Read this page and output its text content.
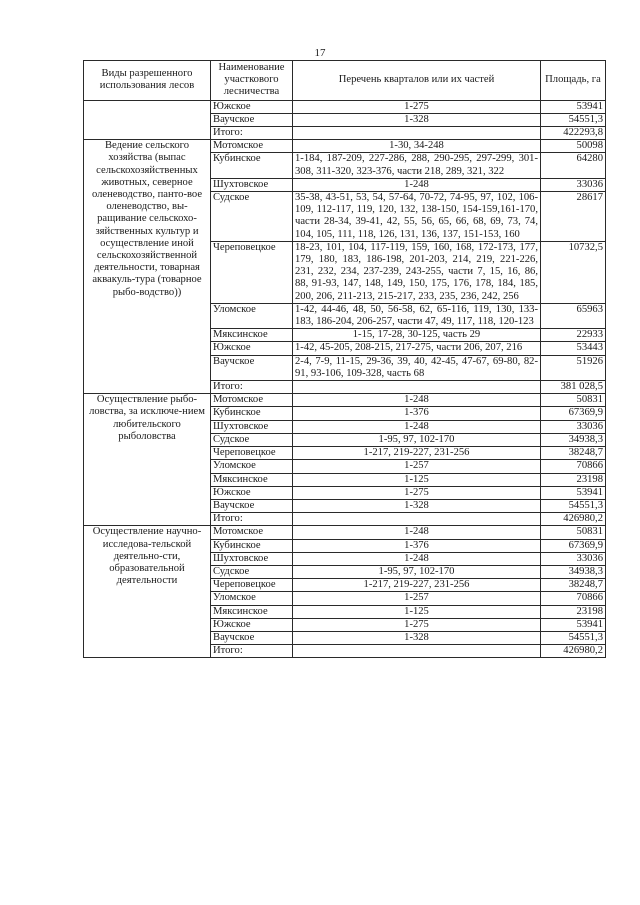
17
Виды разрешенного использования лесов	Наименование участкового лесничества	Перечень кварталов или их частей	Площадь, га
	Южское	1-275	53941
	Ваучское	1-328	54551,3
	Итого:		422293,8
Ведение сельского хозяйства (выпас сельскохозяйственных животных, северное оленеводство, панто-вое оленеводство, вы-ращивание сельскохо-зяйственных культур и осуществление иной сельскохозяйственной деятельности, товарная аквакуль-тура (товарное рыбо-водство))	Мотомское	1-30, 34-248	50098
	Кубинское	1-184, 187-209, 227-286, 288, 290-295, 297-299, 301-308, 311-320, 323-376, части 218, 289, 321, 322	64280
	Шухтовское	1-248	33036
	Судское	35-38, 43-51, 53, 54, 57-64, 70-72, 74-95, 97, 102, 106-109, 112-117, 119, 120, 132, 138-150, 154-159,161-170, части 28-34, 39-41, 42, 55, 56, 65, 66, 68, 69, 73, 74, 104, 105, 111, 118, 126, 131, 136, 137, 151-153, 160	28617
	Череповецкое	18-23, 101, 104, 117-119, 159, 160, 168, 172-173, 177, 179, 180, 183, 186-198, 201-203, 214, 219, 221-226, 231, 232, 234, 237-239, 243-255, части 7, 15, 16, 86, 88, 91-93, 147, 148, 149, 150, 175, 176, 178, 184, 185, 200, 206, 211-213, 215-217, 233, 235, 236, 242, 256	10732,5
	Уломское	1-42, 44-46, 48, 50, 56-58, 62, 65-116, 119, 130, 133-183, 186-204, 206-257, части 47, 49, 117, 118, 120-123	65963
	Мяксинское	1-15, 17-28, 30-125, часть 29	22933
	Южское	1-42, 45-205, 208-215, 217-275, части 206, 207, 216	53443
	Ваучское	2-4, 7-9, 11-15, 29-36, 39, 40, 42-45, 47-67, 69-80, 82-91, 93-106, 109-328, часть 68	51926
	Итого:		381 028,5
Осуществление рыбо-ловства, за исключе-нием любительского рыболовства	Мотомское	1-248	50831
	Кубинское	1-376	67369,9
	Шухтовское	1-248	33036
	Судское	1-95, 97, 102-170	34938,3
	Череповецкое	1-217, 219-227, 231-256	38248,7
	Уломское	1-257	70866
	Мяксинское	1-125	23198
	Южское	1-275	53941
	Ваучское	1-328	54551,3
	Итого:		426980,2
Осуществление научно-исследова-тельской деятельно-сти, образовательной деятельности	Мотомское	1-248	50831
	Кубинское	1-376	67369,9
	Шухтовское	1-248	33036
	Судское	1-95, 97, 102-170	34938,3
	Череповецкое	1-217, 219-227, 231-256	38248,7
	Уломское	1-257	70866
	Мяксинское	1-125	23198
	Южское	1-275	53941
	Ваучское	1-328	54551,3
	Итого:		426980,2
